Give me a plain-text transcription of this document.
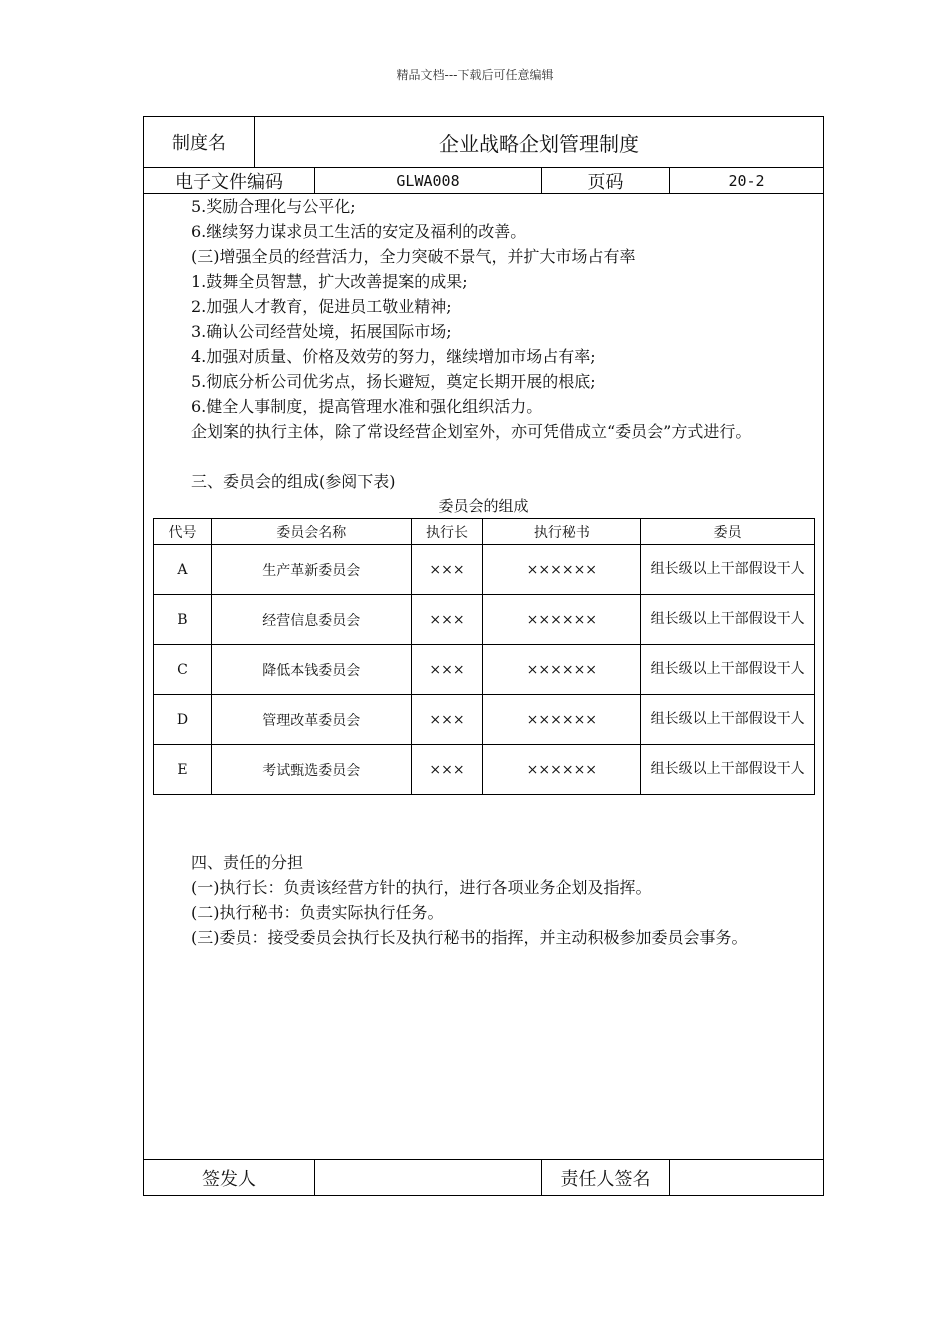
精品文档---下载后可任意编辑
制度名	企业战略企划管理制度
电子文件编码	GLWA008	页码	20-2
5.奖励合理化与公平化;
6.继续努力谋求员工生活的安定及福利的改善。
(三)增强全员的经营活力，全力突破不景气，并扩大市场占有率
1.鼓舞全员智慧，扩大改善提案的成果;
2.加强人才教育，促进员工敬业精神;
3.确认公司经营处境，拓展国际市场;
4.加强对质量、价格及效劳的努力，继续增加市场占有率;
5.彻底分析公司优劣点，扬长避短，奠定长期开展的根底;
6.健全人事制度，提高管理水准和强化组织活力。
企划案的执行主体，除了常设经营企划室外，亦可凭借成立“委员会”方式进行。
三、委员会的组成(参阅下表)
委员会的组成
代号	委员会名称	执行长	执行秘书	委员
A	生产革新委员会	×××	××××××	组长级以上干部假设干人
B	经营信息委员会	×××	××××××	组长级以上干部假设干人
C	降低本钱委员会	×××	××××××	组长级以上干部假设干人
D	管理改革委员会	×××	××××××	组长级以上干部假设干人
E	考试甄选委员会	×××	××××××	组长级以上干部假设干人
四、责任的分担
(一)执行长：负责该经营方针的执行，进行各项业务企划及指挥。
(二)执行秘书：负责实际执行任务。
(三)委员：接受委员会执行长及执行秘书的指挥，并主动积极参加委员会事务。
签发人	责任人签名
